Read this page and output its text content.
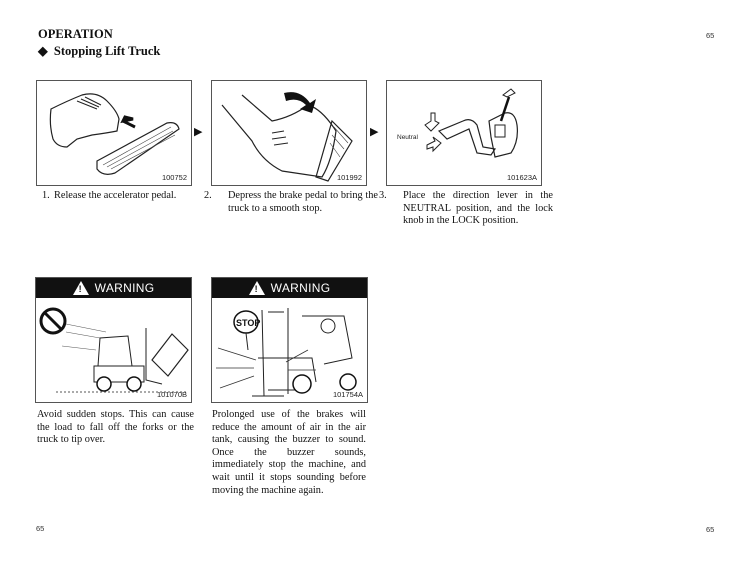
OPERATION
◆ Stopping Lift Truck
65
100752
▶
1. Release the accelerator pedal.
101992
▶
2. Depress the brake pedal to bring the truck to a smooth stop.
Neutral
101623A
3. Place the direction lever in the NEUTRAL position, and the lock knob in the LOCK position.
! WARNING
101070B
Avoid sudden stops. This can cause the load to fall off the forks or the truck to tip over.
! WARNING
STOP
101754A
Prolonged use of the brakes will reduce the amount of air in the air tank, causing the buzzer to sound. Once the buzzer sounds, immediately stop the machine, and wait until it stops sounding before moving the machine again.
65	65
